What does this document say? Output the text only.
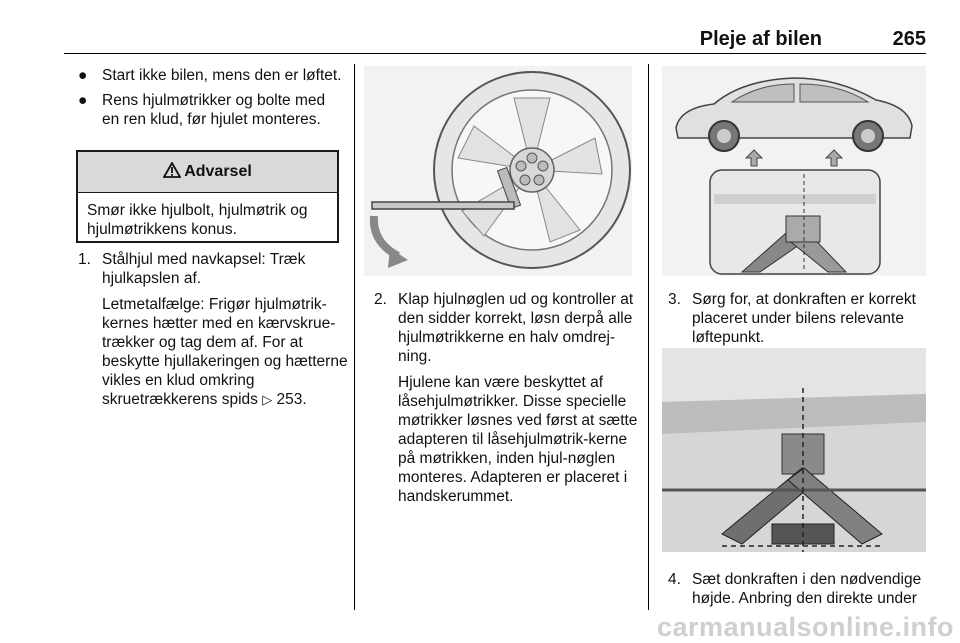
Pleje af bilen	265
● Start ikke bilen, mens den er løftet.
● Rens hjulmøtrikker og bolte med en ren klud, før hjulet monteres.
Advarsel
Smør ikke hjulbolt, hjulmøtrik og hjulmøtrikkens konus.
1. Stålhjul med navkapsel: Træk hjulkapslen af.
Letmetalfælge: Frigør hjulmøtrik-kernes hætter med en kærvskrue-trækker og tag dem af. For at beskytte hjullakeringen og hætterne vikles en klud omkring skruetrækkerens spids ▷ 253.
2. Klap hjulnøglen ud og kontroller at den sidder korrekt, løsn derpå alle hjulmøtrikkerne en halv omdrej-ning.
Hjulene kan være beskyttet af låsehjulmøtrikker. Disse specielle møtrikker løsnes ved først at sætte adapteren til låsehjulmøtrik-kerne på møtrikken, inden hjul-nøglen monteres. Adapteren er placeret i handskerummet.
3. Sørg for, at donkraften er korrekt placeret under bilens relevante løftepunkt.
4. Sæt donkraften i den nødvendige højde. Anbring den direkte under
carmanualsonline.info
